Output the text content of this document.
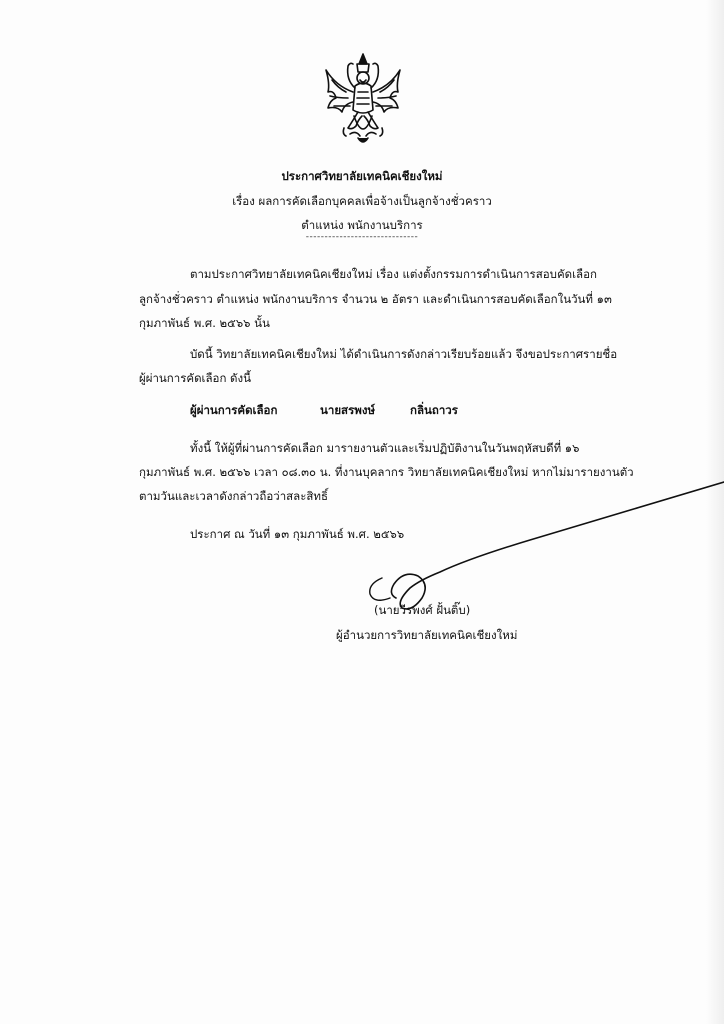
ประกาศวิทยาลัยเทคนิคเชียงใหม่
เรื่อง ผลการคัดเลือกบุคคลเพื่อจ้างเป็นลูกจ้างชั่วคราว
ตำแหน่ง พนักงานบริการ
------------------------------
ตามประกาศวิทยาลัยเทคนิคเชียงใหม่ เรื่อง แต่งตั้งกรรมการดำเนินการสอบคัดเลือก
ลูกจ้างชั่วคราว ตำแหน่ง พนักงานบริการ จำนวน ๒ อัตรา และดำเนินการสอบคัดเลือกในวันที่ ๑๓
กุมภาพันธ์ พ.ศ. ๒๕๖๖ นั้น
บัดนี้ วิทยาลัยเทคนิคเชียงใหม่ ได้ดำเนินการดังกล่าวเรียบร้อยแล้ว จึงขอประกาศรายชื่อ
ผู้ผ่านการคัดเลือก ดังนี้
ผู้ผ่านการคัดเลือก	นายสรพงษ์	กลิ่นถาวร
ทั้งนี้ ให้ผู้ที่ผ่านการคัดเลือก มารายงานตัวและเริ่มปฏิบัติงานในวันพฤหัสบดีที่ ๑๖
กุมภาพันธ์ พ.ศ. ๒๕๖๖ เวลา ๐๘.๓๐ น. ที่งานบุคลากร วิทยาลัยเทคนิคเชียงใหม่ หากไม่มารายงานตัว
ตามวันและเวลาดังกล่าวถือว่าสละสิทธิ์
ประกาศ ณ วันที่ ๑๓ กุมภาพันธ์ พ.ศ. ๒๕๖๖
(นายวีรพงศ์ ฝั้นติ๊บ)
ผู้อำนวยการวิทยาลัยเทคนิคเชียงใหม่
